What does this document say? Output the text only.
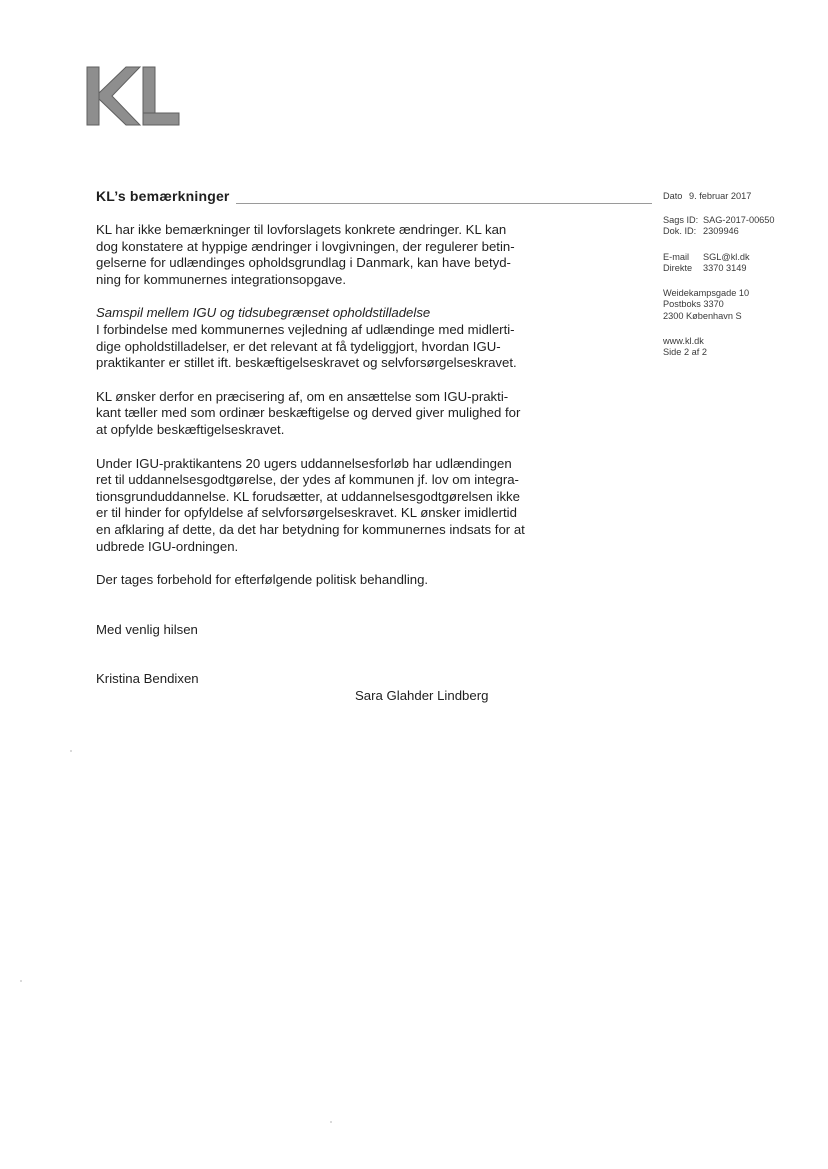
KL’s bemærkninger

KL har ikke bemærkninger til lovforslagets konkrete ændringer. KL kan
dog konstatere at hyppige ændringer i lovgivningen, der regulerer betin-
gelserne for udlændinges opholdsgrundlag i Danmark, kan have betyd-
ning for kommunernes integrationsopgave.

Samspil mellem IGU og tidsubegrænset opholdstilladelse
I forbindelse med kommunernes vejledning af udlændinge med midlerti-
dige opholdstilladelser, er det relevant at få tydeliggjort, hvordan IGU-
praktikanter er stillet ift. beskæftigelseskravet og selvforsørgelseskravet.

KL ønsker derfor en præcisering af, om en ansættelse som IGU-prakti-
kant tæller med som ordinær beskæftigelse og derved giver mulighed for
at opfylde beskæftigelseskravet.

Under IGU-praktikantens 20 ugers uddannelsesforløb har udlændingen
ret til uddannelsesgodtgørelse, der ydes af kommunen jf. lov om integra-
tionsgrunduddannelse. KL forudsætter, at uddannelsesgodtgørelsen ikke
er til hinder for opfyldelse af selvforsørgelseskravet. KL ønsker imidlertid
en afklaring af dette, da det har betydning for kommunernes indsats for at
udbrede IGU-ordningen.

Der tages forbehold for efterfølgende politisk behandling.

Med venlig hilsen

Kristina Bendixen

Sara Glahder Lindberg

Dato 9. februar 2017
Sags ID: SAG-2017-00650
Dok. ID: 2309946
E-mail	SGL@kl.dk
Direkte	3370 3149
Weidekampsgade 10
Postboks 3370
2300 København S
www.kl.dk
Side 2 af 2
